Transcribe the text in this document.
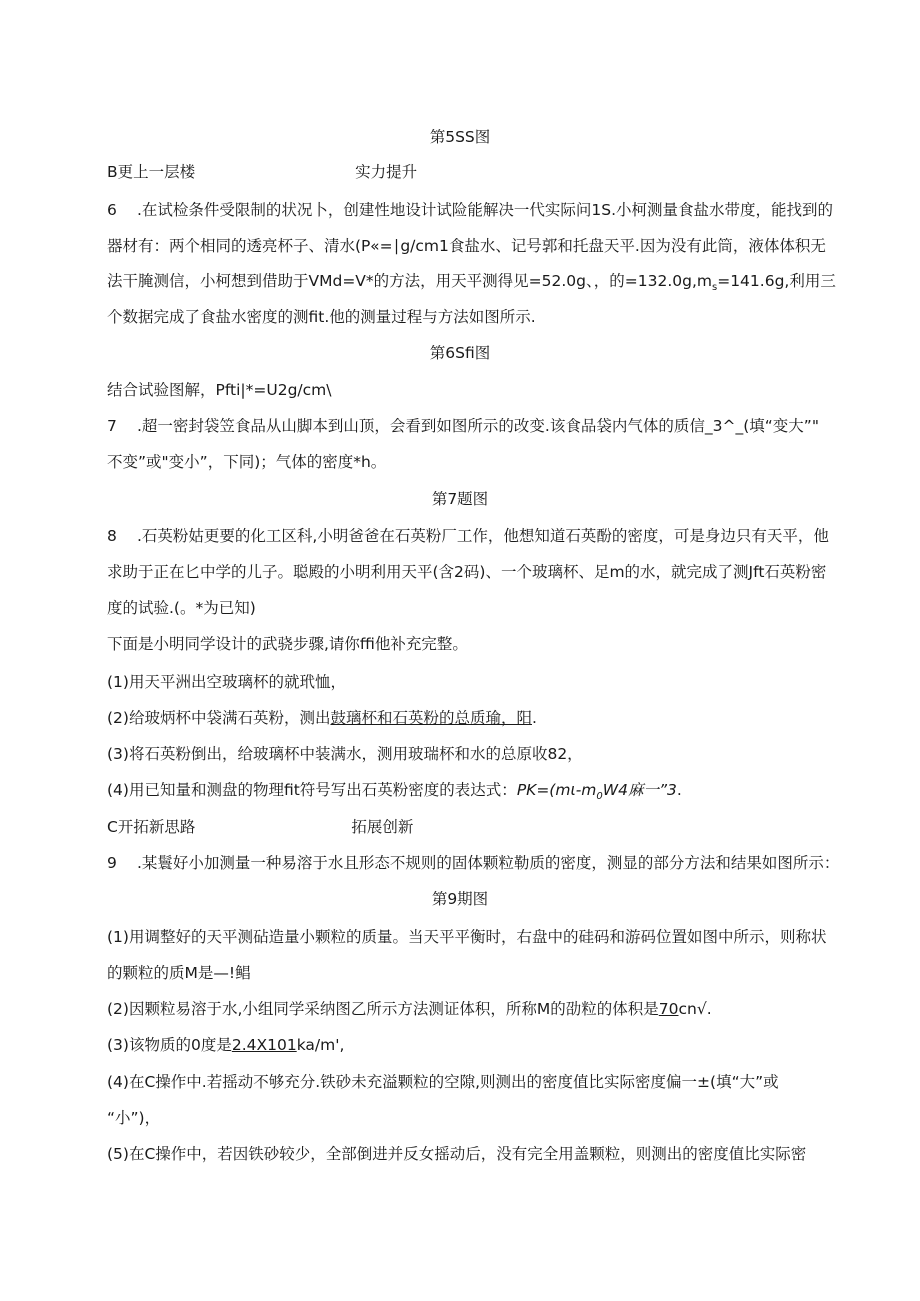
第5SS图
B更上一层楼	实力提升
6 .在试检条件受限制的状况卜，创建性地设计试险能解决一代实际问1S.小柯测量食盐水带度，能找到的
器材有：两个相同的透亮杯子、清水(P«=∣g∕cm1食盐水、记号郭和托盘天平.因为没有此筒，液体体积无
法干腌测信，小柯想到借助于VMd=V*的方法，用天平测得见=52.0g、，的$=132.0g,m_s=141.6g$,利用三
个数据完成了食盐水密度的测fit.他的测量过程与方法如图所示.
第6Sfi图
结合试验图解，Pfti|*=U2g/cm\
7 .超一密封袋笠食品从山脚本到山顶，会看到如图所示的改变.该食品袋内气体的质信_3^_(填“变大”"
不变”或"变小”，下同)；气体的密度*h。
第7题图
8 .石英粉姑更要的化工区科,小明爸爸在石英粉厂工作，他想知道石英酚的密度，可是身边只有天平，他
求助于正在匕中学的儿子。聪殿的小明利用天平(含2码)、一个玻璃杯、足m的水，就完成了测Jft石英粉密
度的试验.(。*为已知)
下面是小明同学设计的武骁步骤,请你ffi他补充完整。
(1)用天平洲出空玻璃杯的就玳恤，
(2)给玻炳杯中袋满石英粉，测出鼓璃杯和石英粉的总质瑜，阳.
(3)将石英粉倒出，给玻璃杯中装满水，测用玻瑞杯和水的总原收82，
(4)用已知量和测盘的物理fit符号写出石英粉密度的表达式：$PK=(m\iota-m_0W4$麻一”3.
C开拓新思路	拓展创新
9 .某鬟好小加测量一种易溶于水且形态不规则的固体颗粒勒质的密度，测显的部分方法和结果如图所示：
第9期图
(1)用调整好的天平测砧造量小颗粒的质量。当天平平衡时，右盘中的硅码和游码位置如图中所示，则称状
的颗粒的质M是—!鲳
(2)因颗粒易溶于水,小组同学采纳图乙所示方法测证体积，所称M的劭粒的体积是70cn√.
(3)该物质的0度是2.4X101ka/m',
(4)在C操作中.若摇动不够充分.铁砂未充溢颗粒的空隙,则测出的密度值比实际密度偏一±(填“大”或
“小”)，
(5)在C操作中，若因铁砂较少，全部倒进并反女摇动后，没有完全用盖颗粒，则测出的密度值比实际密
